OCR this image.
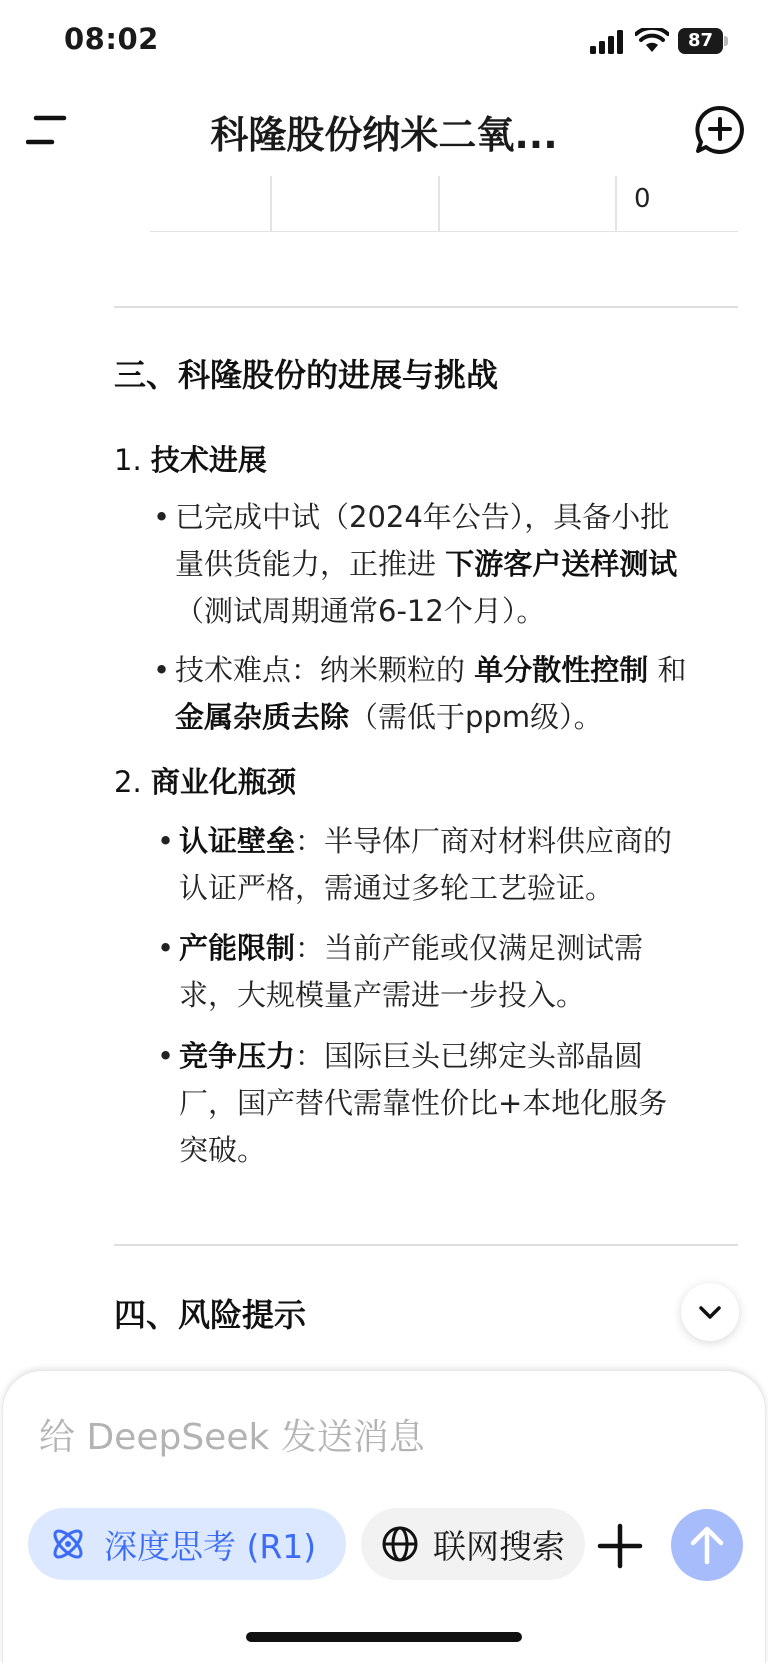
08:02	87
科隆股份纳米二氧...
0
三、科隆股份的进展与挑战
1. 技术进展
• 已完成中试（2024年公告），具备小批
量供货能力，正推进 下游客户送样测试
（测试周期通常6-12个月）。
• 技术难点：纳米颗粒的 单分散性控制 和
金属杂质去除（需低于ppm级）。
2. 商业化瓶颈
• 认证壁垒：半导体厂商对材料供应商的
认证严格，需通过多轮工艺验证。
• 产能限制：当前产能或仅满足测试需
求，大规模量产需进一步投入。
• 竞争压力：国际巨头已绑定头部晶圆
厂，国产替代需靠性价比+本地化服务
突破。
四、风险提示
给 DeepSeek 发送消息
深度思考 (R1)	联网搜索
